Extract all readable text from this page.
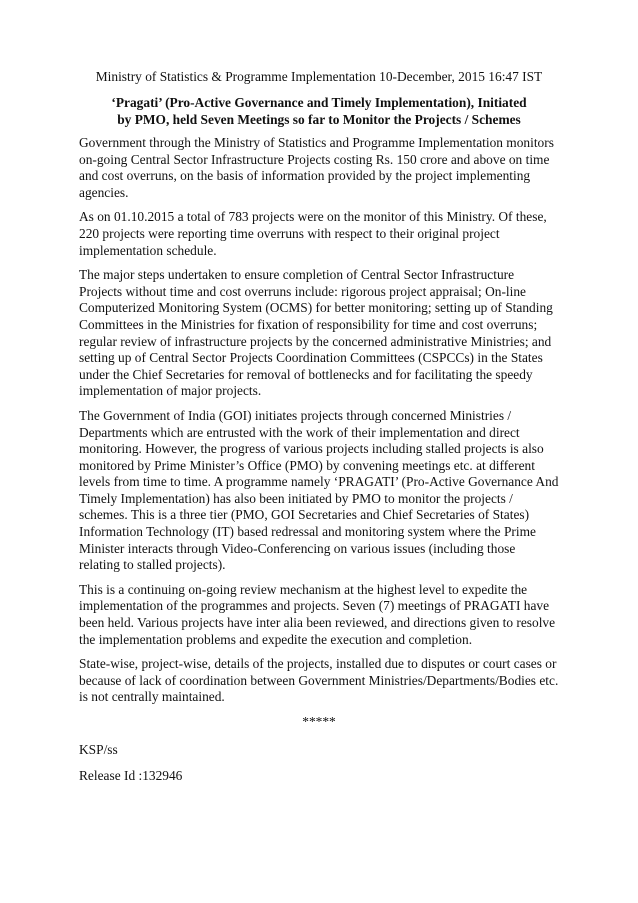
Ministry of Statistics & Programme Implementation 10-December, 2015 16:47 IST
‘Pragati’ (Pro-Active Governance and Timely Implementation), Initiated by PMO, held Seven Meetings so far to Monitor the Projects / Schemes
Government through the Ministry of Statistics and Programme Implementation monitors on-going Central Sector Infrastructure Projects costing Rs. 150 crore and above on time and cost overruns, on the basis of information provided by the project implementing agencies.
As on 01.10.2015 a total of 783 projects were on the monitor of this Ministry. Of these, 220 projects were reporting time overruns with respect to their original project implementation schedule.
The major steps undertaken to ensure completion of Central Sector Infrastructure Projects without time and cost overruns include: rigorous project appraisal; On-line Computerized Monitoring System (OCMS) for better monitoring; setting up of Standing Committees in the Ministries for fixation of responsibility for time and cost overruns; regular review of infrastructure projects by the concerned administrative Ministries; and setting up of Central Sector Projects Coordination Committees (CSPCCs) in the States under the Chief Secretaries for removal of bottlenecks and for facilitating the speedy implementation of major projects.
The Government of India (GOI) initiates projects through concerned Ministries / Departments which are entrusted with the work of their implementation and direct monitoring. However, the progress of various projects including stalled projects is also monitored by Prime Minister’s Office (PMO) by convening meetings etc. at different levels from time to time. A programme namely ‘PRAGATI’ (Pro-Active Governance And Timely Implementation) has also been initiated by PMO to monitor the projects / schemes. This is a three tier (PMO, GOI Secretaries and Chief Secretaries of States) Information Technology (IT) based redressal and monitoring system where the Prime Minister interacts through Video-Conferencing on various issues (including those relating to stalled projects).
This is a continuing on-going review mechanism at the highest level to expedite the implementation of the programmes and projects. Seven (7) meetings of PRAGATI have been held. Various projects have inter alia been reviewed, and directions given to resolve the implementation problems and expedite the execution and completion.
State-wise, project-wise, details of the projects, installed due to disputes or court cases or because of lack of coordination between Government Ministries/Departments/Bodies etc. is not centrally maintained.
*****
KSP/ss
Release Id :132946
